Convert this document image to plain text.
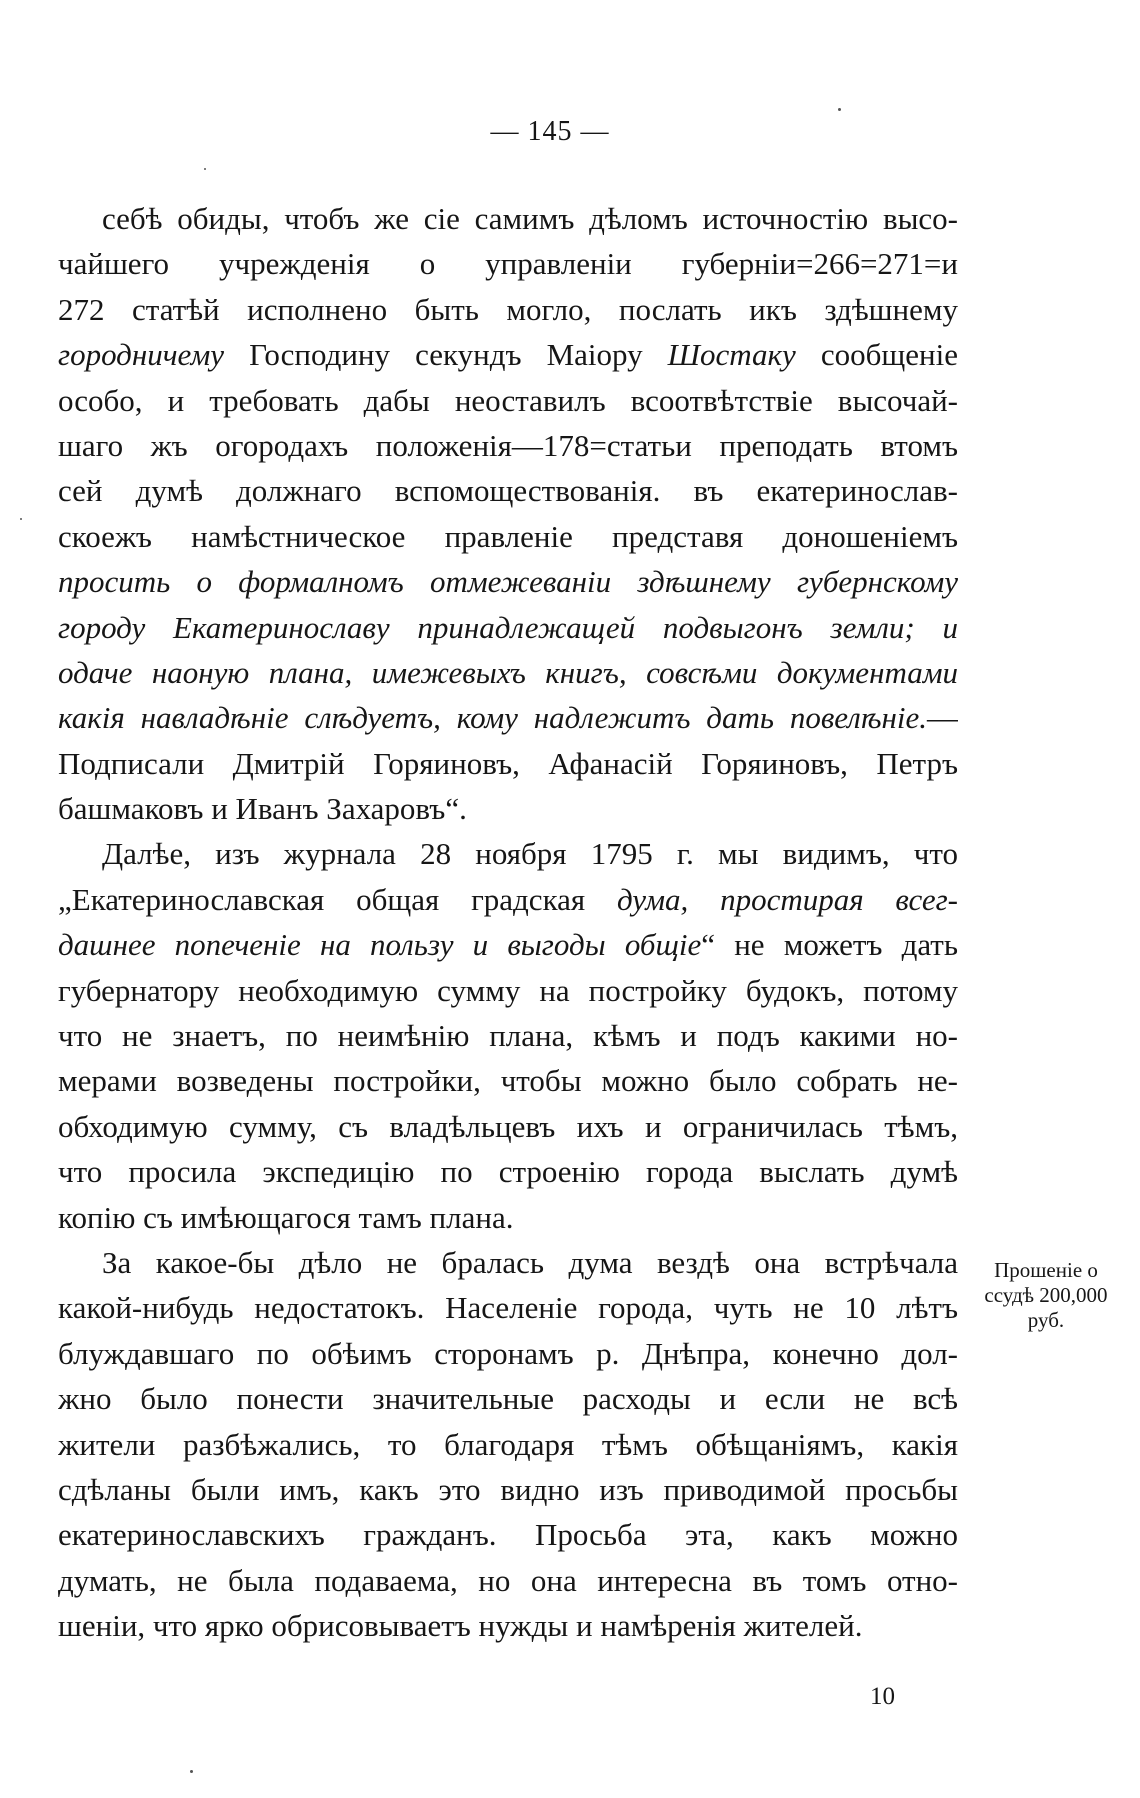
— 145 —
себѣ обиды, чтобъ же сіе самимъ дѣломъ источностію высо-
чайшего учрежденія о управленіи губерніи=266=271=и
272 статѣй исполнено быть могло, послать икъ здѣшнему
городничему Господину секундъ Маіору Шостаку сообщеніе
особо, и требовать дабы неоставилъ всоотвѣтствіе высочай-
шаго жъ огородахъ положенія—178=статьи преподать втомъ
сей думѣ должнаго вспомоществованія. въ екатеринослав-
скоежъ намѣстническое правленіе представя доношеніемъ
просить о формалномъ отмежеваніи здѣшнему губернскому
городу Екатеринославу принадлежащей подвыгонъ земли; и
одаче наоную плана, имежевыхъ книгъ, совсѣми документами
какія навладѣніе слѣдуетъ, кому надлежитъ дать повелѣніе.—
Подписали Дмитрій Горяиновъ, Афанасій Горяиновъ, Петръ
башмаковъ и Иванъ Захаровъ“.
Далѣе, изъ журнала 28 ноября 1795 г. мы видимъ, что
„Екатеринославская общая градская дума, простирая всег-
дашнее попеченіе на пользу и выгоды общіе“ не можетъ дать
губернатору необходимую сумму на постройку будокъ, потому
что не знаетъ, по неимѣнію плана, кѣмъ и подъ какими но-
мерами возведены постройки, чтобы можно было собрать не-
обходимую сумму, съ владѣльцевъ ихъ и ограничилась тѣмъ,
что просила экспедицію по строенію города выслать думѣ
копію съ имѣющагося тамъ плана.
За какое-бы дѣло не бралась дума вездѣ она встрѣчала
какой-нибудь недостатокъ. Населеніе города, чуть не 10 лѣтъ
блуждавшаго по обѣимъ сторонамъ р. Днѣпра, конечно дол-
жно было понести значительные расходы и если не всѣ
жители разбѣжались, то благодаря тѣмъ обѣщаніямъ, какія
сдѣланы были имъ, какъ это видно изъ приводимой просьбы
екатеринославскихъ гражданъ. Просьба эта, какъ можно
думать, не была подаваема, но она интересна въ томъ отно-
шеніи, что ярко обрисовываетъ нужды и намѣренія жителей.
Прошеніе о
ссудѣ 200,000
руб.
10
